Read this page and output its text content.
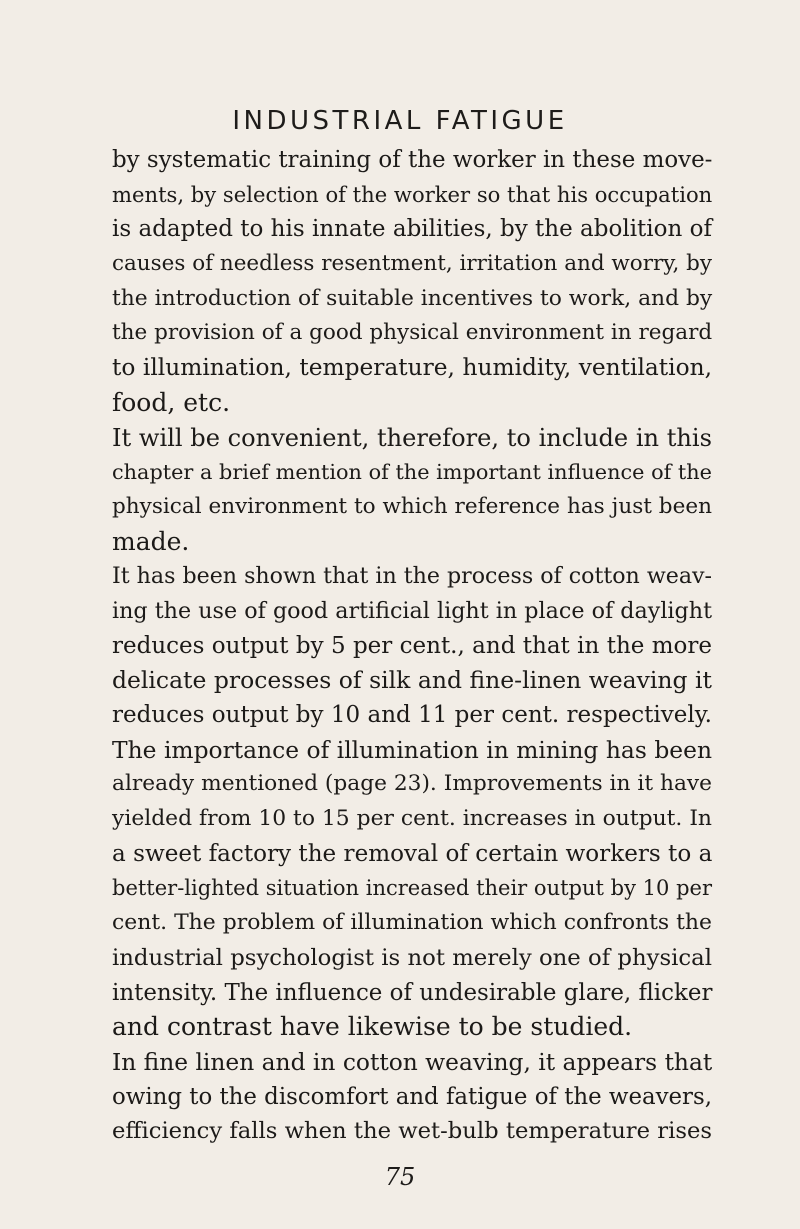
INDUSTRIAL FATIGUE
by systematic training of the worker in these move-
ments, by selection of the worker so that his occupation
is adapted to his innate abilities, by the abolition of
causes of needless resentment, irritation and worry, by
the introduction of suitable incentives to work, and by
the provision of a good physical environment in regard
to illumination, temperature, humidity, ventilation,
food, etc.
It will be convenient, therefore, to include in this
chapter a brief mention of the important influence of the
physical environment to which reference has just been
made.
It has been shown that in the process of cotton weav-
ing the use of good artificial light in place of daylight
reduces output by 5 per cent., and that in the more
delicate processes of silk and fine-linen weaving it
reduces output by 10 and 11 per cent. respectively.
The importance of illumination in mining has been
already mentioned (page 23). Improvements in it have
yielded from 10 to 15 per cent. increases in output. In
a sweet factory the removal of certain workers to a
better-lighted situation increased their output by 10 per
cent. The problem of illumination which confronts the
industrial psychologist is not merely one of physical
intensity. The influence of undesirable glare, flicker
and contrast have likewise to be studied.
In fine linen and in cotton weaving, it appears that
owing to the discomfort and fatigue of the weavers,
efficiency falls when the wet-bulb temperature rises
75
